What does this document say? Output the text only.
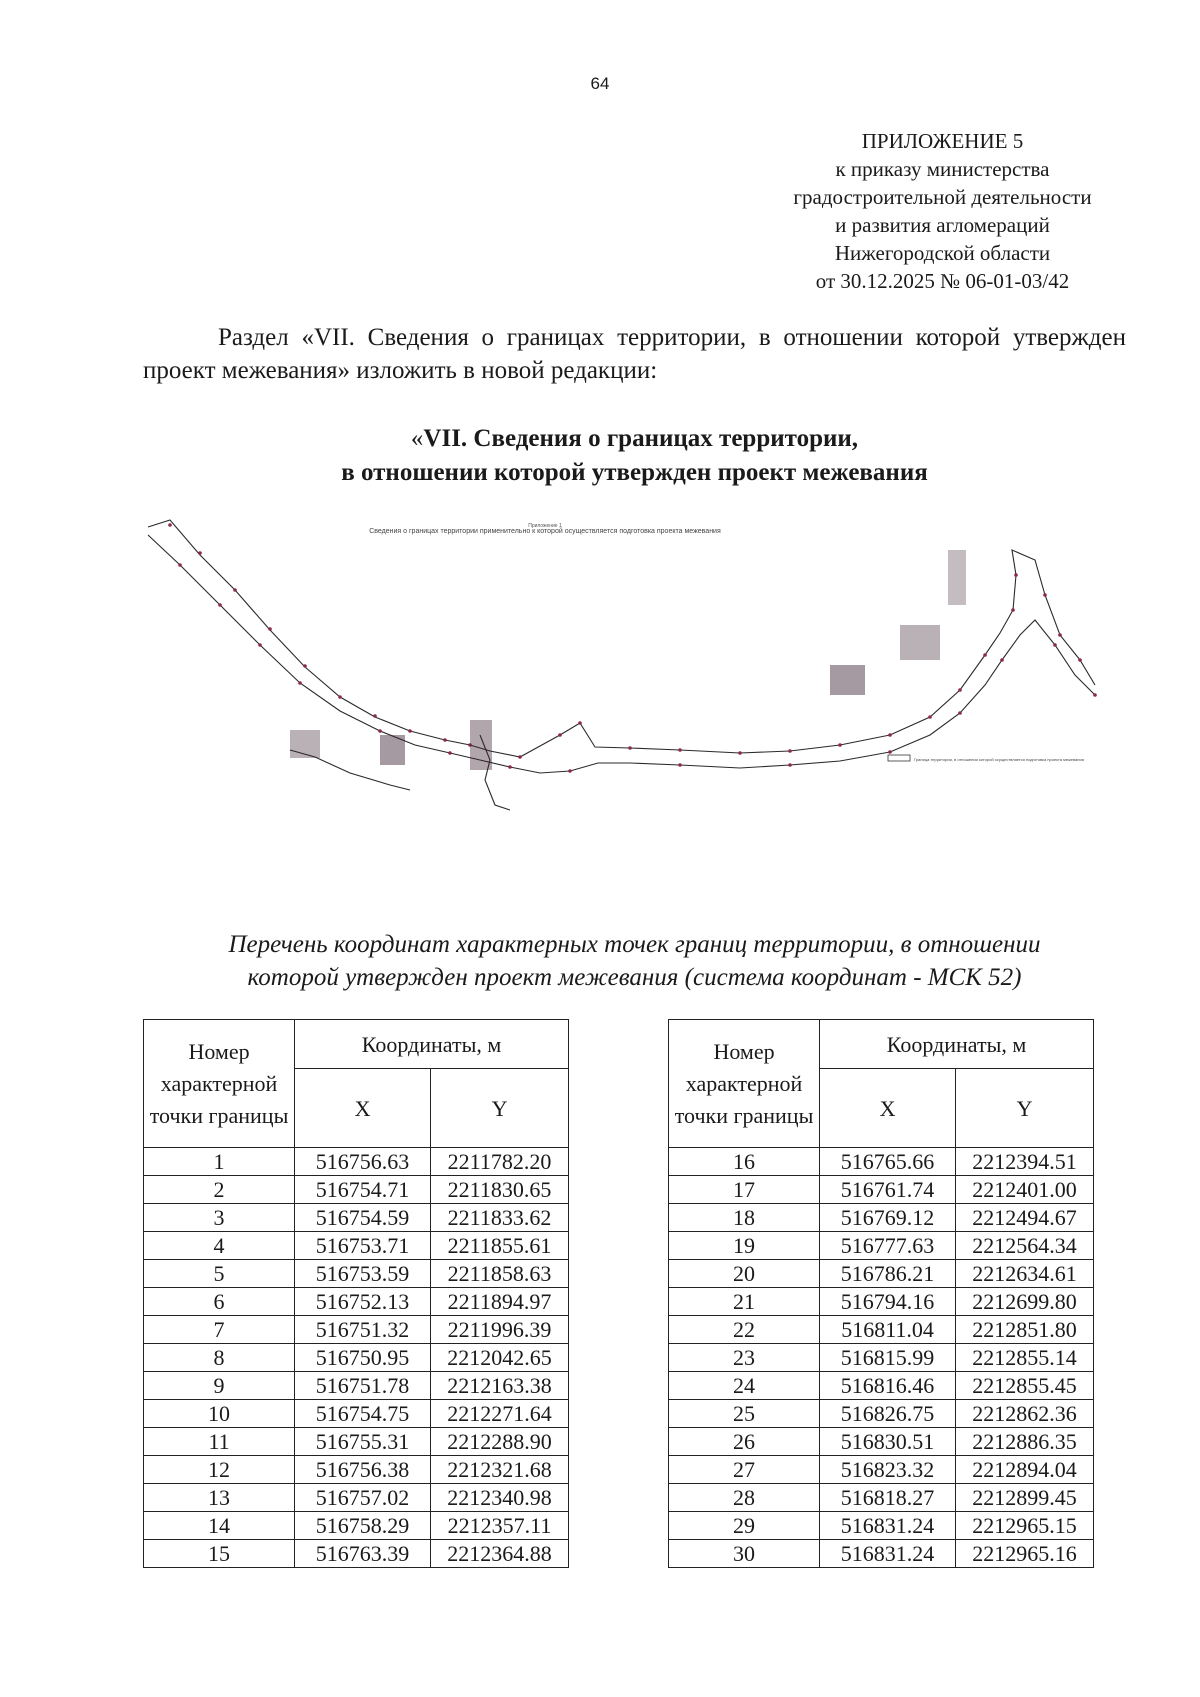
64
ПРИЛОЖЕНИЕ 5
к приказу министерства
градостроительной деятельности
и развития агломераций
Нижегородской области
от 30.12.2025 № 06-01-03/42
Раздел «VII. Сведения о границах территории, в отношении которой утвержден проект межевания» изложить в новой редакции:
«VII. Сведения о границах территории,
в отношении которой утвержден проект межевания
Приложение 1
Сведения о границах территории применительно к которой осуществляется подготовка проекта межевания
Граница территории, в отношении которой осуществляется подготовка проекта межевания
Перечень координат характерных точек границ территории, в отношении
которой утвержден проект межевания (система координат - МСК 52)
Номер характерной точки границы	Координаты, м	
	X	Y
1	516756.63	2211782.20
2	516754.71	2211830.65
3	516754.59	2211833.62
4	516753.71	2211855.61
5	516753.59	2211858.63
6	516752.13	2211894.97
7	516751.32	2211996.39
8	516750.95	2212042.65
9	516751.78	2212163.38
10	516754.75	2212271.64
11	516755.31	2212288.90
12	516756.38	2212321.68
13	516757.02	2212340.98
14	516758.29	2212357.11
15	516763.39	2212364.88
Номер характерной точки границы	Координаты, м	
	X	Y
16	516765.66	2212394.51
17	516761.74	2212401.00
18	516769.12	2212494.67
19	516777.63	2212564.34
20	516786.21	2212634.61
21	516794.16	2212699.80
22	516811.04	2212851.80
23	516815.99	2212855.14
24	516816.46	2212855.45
25	516826.75	2212862.36
26	516830.51	2212886.35
27	516823.32	2212894.04
28	516818.27	2212899.45
29	516831.24	2212965.15
30	516831.24	2212965.16
